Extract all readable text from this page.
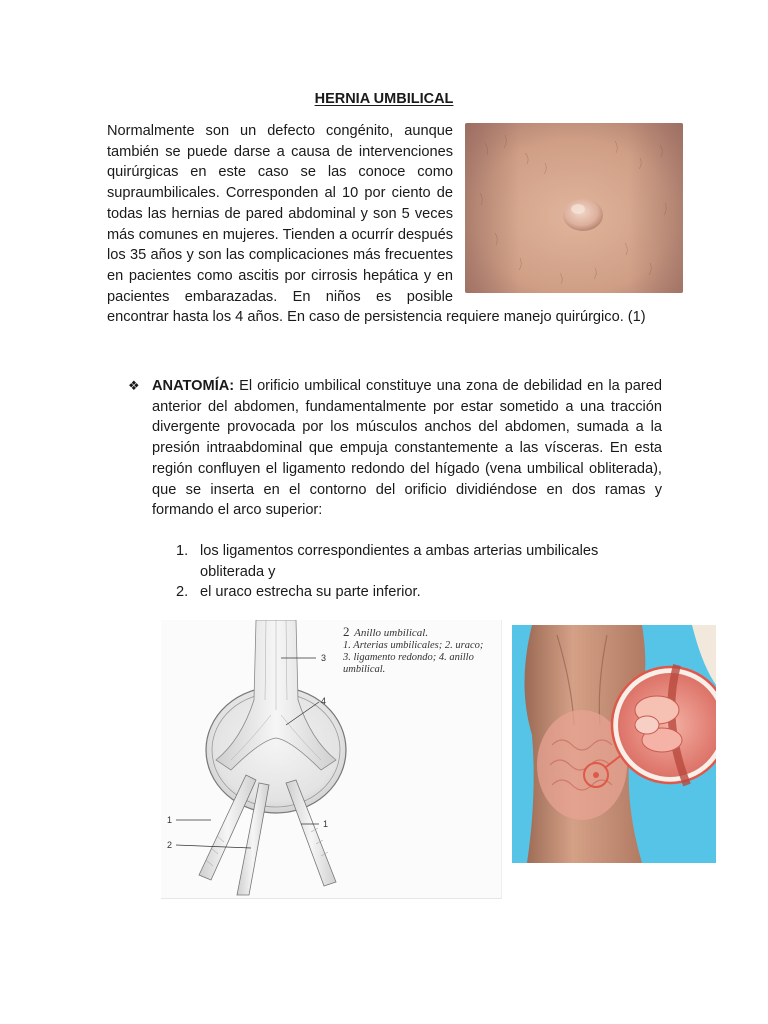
HERNIA UMBILICAL

Normalmente son un defecto congénito, aunque también se puede darse a causa de intervenciones quirúrgicas en este caso se las conoce como supraumbilicales. Corresponden al 10 por ciento de todas las hernias de pared abdominal y son 5 veces más comunes en mujeres. Tienden a ocurrír después los 35 años y son las complicaciones más frecuentes en pacientes como ascitis por cirrosis hepática y en pacientes embarazadas. En niños es posible encontrar hasta los 4 años. En caso de persistencia requiere manejo quirúrgico. (1)

❖ ANATOMÍA: El orificio umbilical constituye una zona de debilidad en la pared anterior del abdomen, fundamentalmente por estar sometido a una tracción divergente provocada por los músculos anchos del abdomen, sumada a la presión intraabdominal que empuja constantemente a las vísceras. En esta región confluyen el ligamento redondo del hígado (vena umbilical obliterada), que se inserta en el contorno del orificio dividiéndose en dos ramas y formando el arco superior:

1. los ligamentos correspondientes a ambas arterias umbilicales obliterada y
2. el uraco estrecha su parte inferior.
3
4
1	1
2
2 Anillo umbilical.
1. Arterias umbilicales; 2. uraco; 3. ligamento redondo; 4. anillo umbilical.
